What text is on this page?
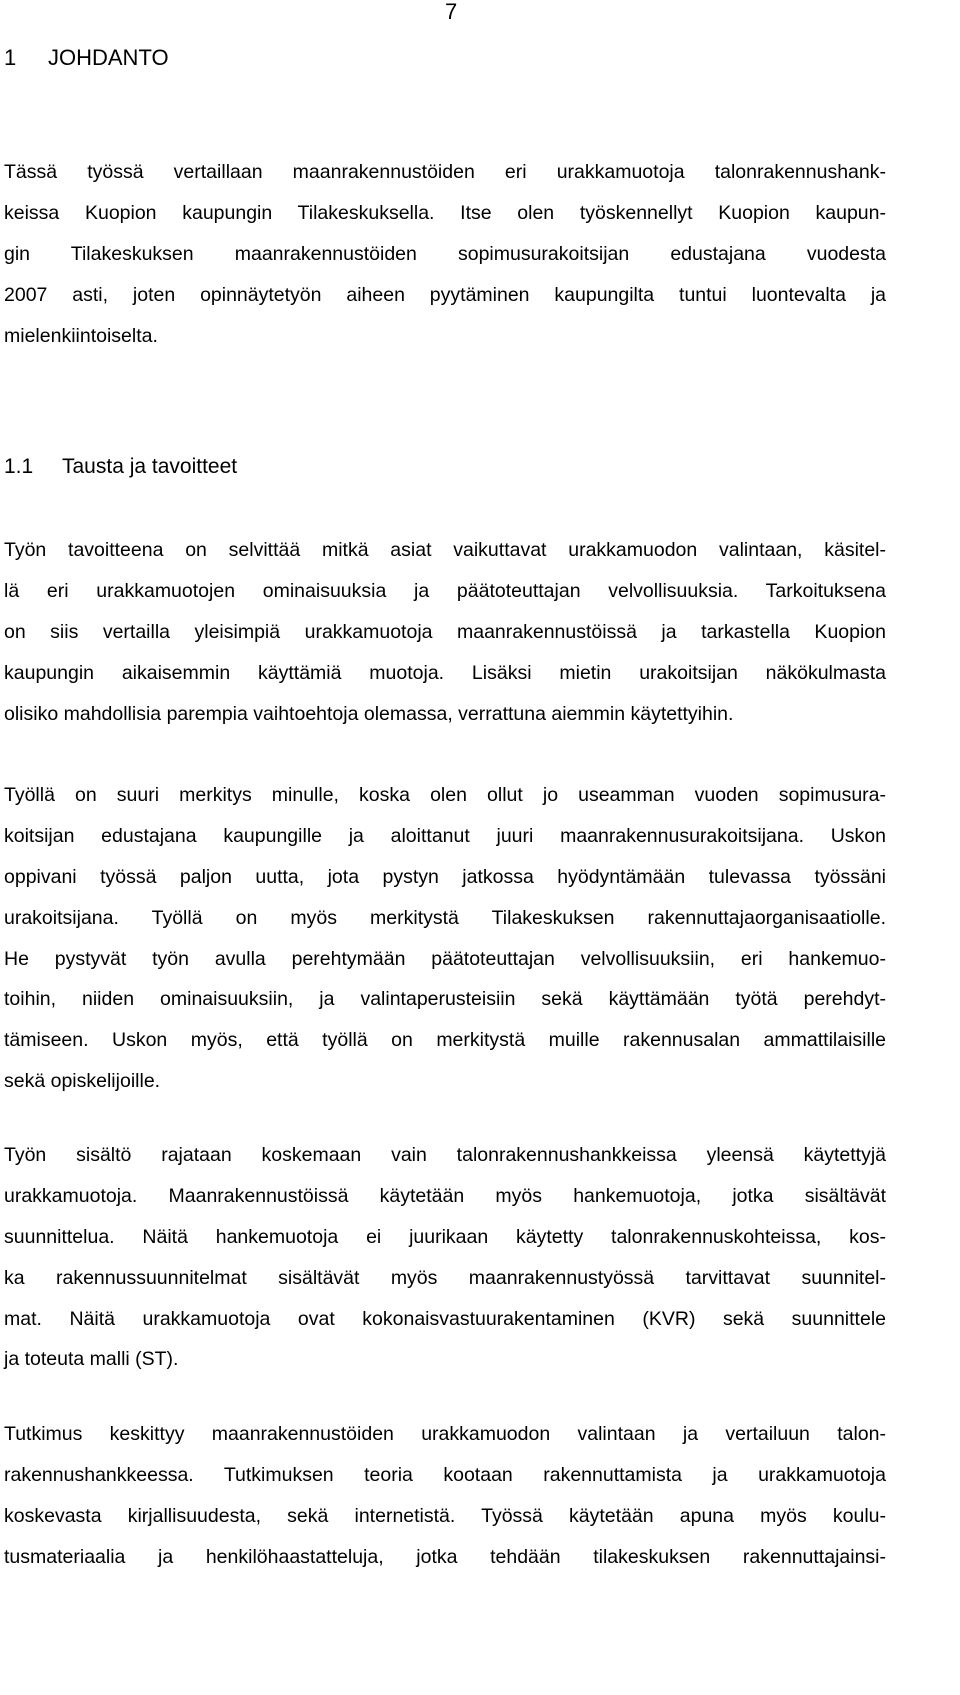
7
1 JOHDANTO
Tässä työssä vertaillaan maanrakennustöiden eri urakkamuotoja talonrakennushank-
keissa Kuopion kaupungin Tilakeskuksella. Itse olen työskennellyt Kuopion kaupun-
gin Tilakeskuksen maanrakennustöiden sopimusurakoitsijan edustajana vuodesta
2007 asti, joten opinnäytetyön aiheen pyytäminen kaupungilta tuntui luontevalta ja
mielenkiintoiselta.
1.1 Tausta ja tavoitteet
Työn tavoitteena on selvittää mitkä asiat vaikuttavat urakkamuodon valintaan, käsitel-
lä eri urakkamuotojen ominaisuuksia ja päätoteuttajan velvollisuuksia. Tarkoituksena
on siis vertailla yleisimpiä urakkamuotoja maanrakennustöissä ja tarkastella Kuopion
kaupungin aikaisemmin käyttämiä muotoja. Lisäksi mietin urakoitsijan näkökulmasta
olisiko mahdollisia parempia vaihtoehtoja olemassa, verrattuna aiemmin käytettyihin.
Työllä on suuri merkitys minulle, koska olen ollut jo useamman vuoden sopimusura-
koitsijan edustajana kaupungille ja aloittanut juuri maanrakennusurakoitsijana. Uskon
oppivani työssä paljon uutta, jota pystyn jatkossa hyödyntämään tulevassa työssäni
urakoitsijana. Työllä on myös merkitystä Tilakeskuksen rakennuttajaorganisaatiolle.
He pystyvät työn avulla perehtymään päätoteuttajan velvollisuuksiin, eri hankemuo-
toihin, niiden ominaisuuksiin, ja valintaperusteisiin sekä käyttämään työtä perehdyt-
tämiseen. Uskon myös, että työllä on merkitystä muille rakennusalan ammattilaisille
sekä opiskelijoille.
Työn sisältö rajataan koskemaan vain talonrakennushankkeissa yleensä käytettyjä
urakkamuotoja. Maanrakennustöissä käytetään myös hankemuotoja, jotka sisältävät
suunnittelua. Näitä hankemuotoja ei juurikaan käytetty talonrakennuskohteissa, kos-
ka rakennussuunnitelmat sisältävät myös maanrakennustyössä tarvittavat suunnitel-
mat. Näitä urakkamuotoja ovat kokonaisvastuurakentaminen (KVR) sekä suunnittele
ja toteuta malli (ST).
Tutkimus keskittyy maanrakennustöiden urakkamuodon valintaan ja vertailuun talon-
rakennushankkeessa. Tutkimuksen teoria kootaan rakennuttamista ja urakkamuotoja
koskevasta kirjallisuudesta, sekä internetistä. Työssä käytetään apuna myös koulu-
tusmateriaalia ja henkilöhaastatteluja, jotka tehdään tilakeskuksen rakennuttajainsi-
